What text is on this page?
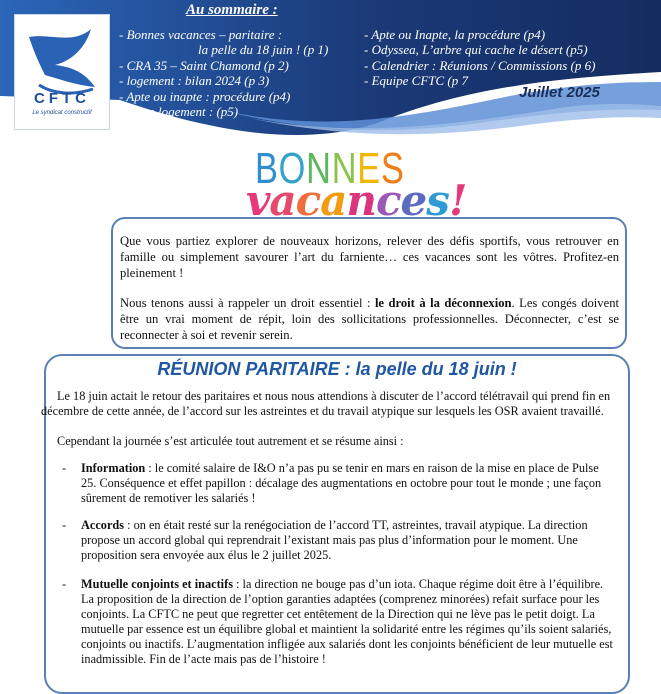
CFTC
Le syndicat constructif
Au sommaire :
- Bonnes vacances – paritaire :
la pelle du 18 juin ! (p 1)
- CRA 35 – Saint Chamond (p 2)
- logement : bilan 2024 (p 3)
- Apte ou inapte : procédure (p4)
- Bilan logement : (p5)
- Apte ou Inapte, la procédure (p4)
- Odyssea, L’arbre qui cache le désert (p5)
- Calendrier : Réunions / Commissions (p 6)
- Equipe CFTC (p 7
Juillet 2025
BONNES
vacances!

Que vous partiez explorer de nouveaux horizons, relever des défis sportifs, vous retrouver en famille ou simplement savourer l’art du farniente… ces vacances sont les vôtres. Profitez-en pleinement !

Nous tenons aussi à rappeler un droit essentiel : le droit à la déconnexion. Les congés doivent être un vrai moment de répit, loin des sollicitations professionnelles. Déconnecter, c’est se reconnecter à soi et revenir serein.

RÉUNION PARITAIRE : la pelle du 18 juin !
Le 18 juin actait le retour des paritaires et nous nous attendions à discuter de l’accord télétravail qui prend fin en
décembre de cette année, de l’accord sur les astreintes et du travail atypique sur lesquels les OSR avaient travaillé.
Cependant la journée s’est articulée tout autrement et se résume ainsi :
- Information : le comité salaire de I&O n’a pas pu se tenir en mars en raison de la mise en place de Pulse
25. Conséquence et effet papillon : décalage des augmentations en octobre pour tout le monde ; une façon
sûrement de remotiver les salariés !
- Accords : on en était resté sur la renégociation de l’accord TT, astreintes, travail atypique. La direction
propose un accord global qui reprendrait l’existant mais pas plus d’information pour le moment. Une
proposition sera envoyée aux élus le 2 juillet 2025.
- Mutuelle conjoints et inactifs : la direction ne bouge pas d’un iota. Chaque régime doit être à l’équilibre.
La proposition de la direction de l’option garanties adaptées (comprenez minorées) refait surface pour les
conjoints. La CFTC ne peut que regretter cet entêtement de la Direction qui ne lève pas le petit doigt. La
mutuelle par essence est un équilibre global et maintient la solidarité entre les régimes qu’ils soient salariés,
conjoints ou inactifs. L’augmentation infligée aux salariés dont les conjoints bénéficient de leur mutuelle est
inadmissible. Fin de l’acte mais pas de l’histoire !
